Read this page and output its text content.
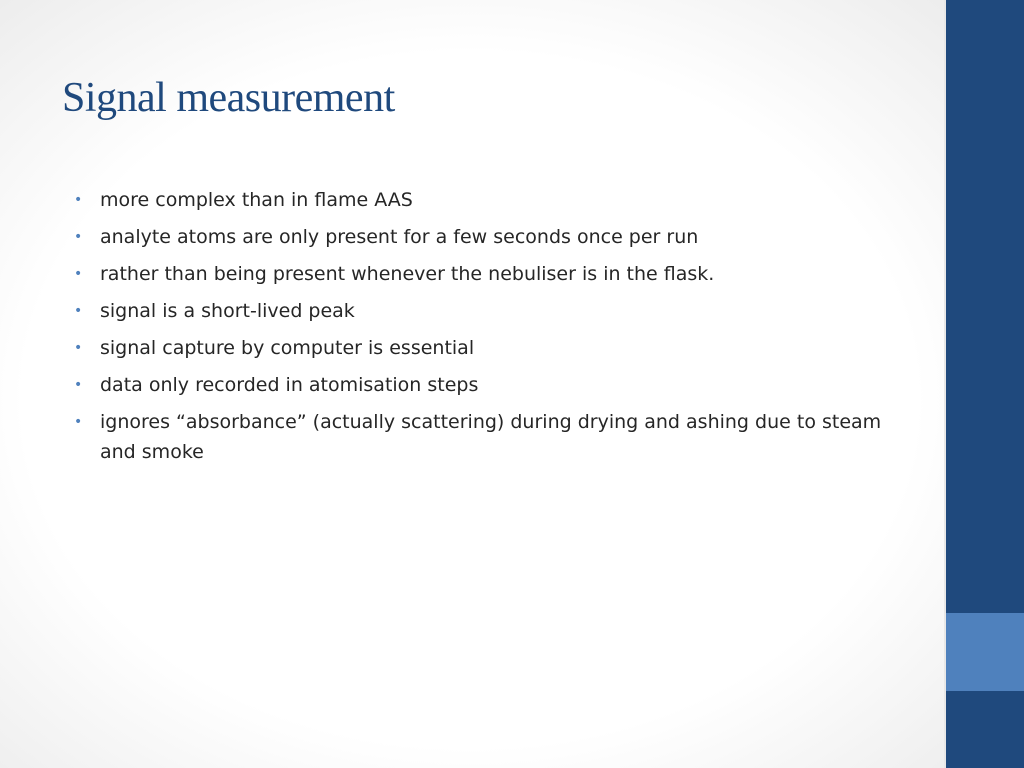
Signal measurement
• more complex than in flame AAS
• analyte atoms are only present for a few seconds once per run
• rather than being present whenever the nebuliser is in the flask.
• signal is a short-lived peak
• signal capture by computer is essential
• data only recorded in atomisation steps
• ignores “absorbance” (actually scattering) during drying and ashing due to steam and smoke
